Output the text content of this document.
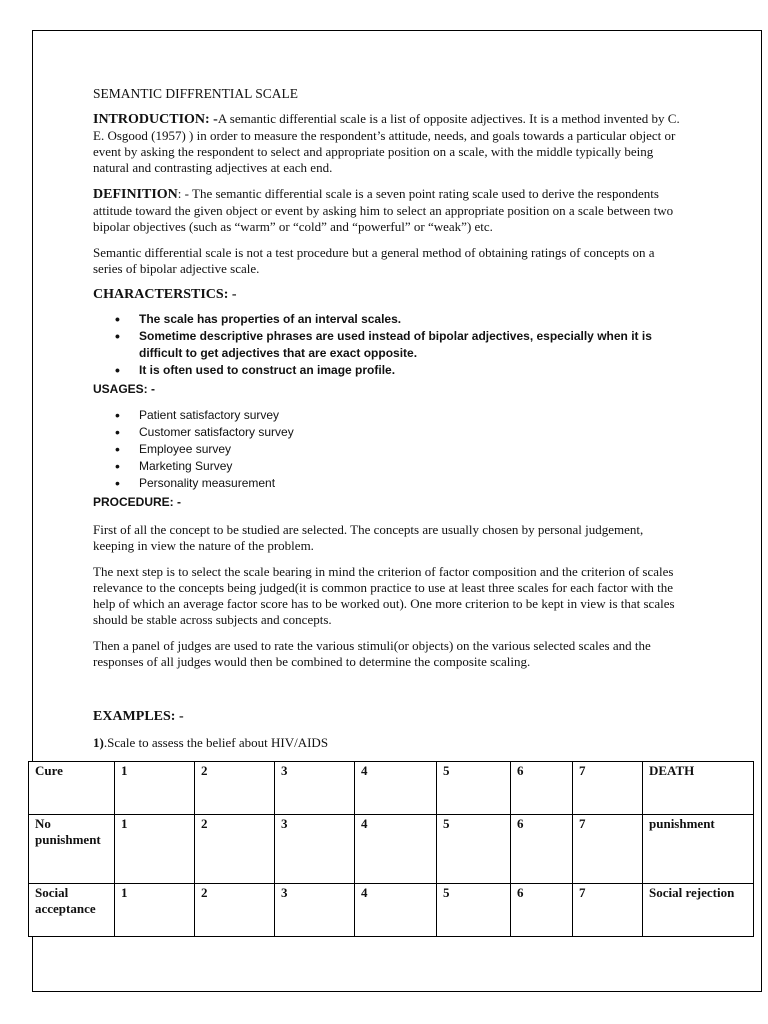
SEMANTIC DIFFRENTIAL SCALE

INTRODUCTION: -A semantic differential scale is a list of opposite adjectives. It is a method invented by C. E. Osgood (1957) ) in order to measure the respondent’s attitude, needs, and goals towards a particular object or event by asking the respondent to select and appropriate position on a scale, with the middle typically being natural and contrasting adjectives at each end.

DEFINITION: - The semantic differential scale is a seven point rating scale used to derive the respondents attitude toward the given object or event by asking him to select an appropriate position on a scale between two bipolar objectives (such as “warm” or “cold” and “powerful” or “weak”) etc.

Semantic differential scale is not a test procedure but a general method of obtaining ratings of concepts on a series of bipolar adjective scale.

CHARACTERSTICS: -
• The scale has properties of an interval scales.
• Sometime descriptive phrases are used instead of bipolar adjectives, especially when it is difficult to get adjectives that are exact opposite.
• It is often used to construct an image profile.
USAGES: -
• Patient satisfactory survey
• Customer satisfactory survey
• Employee survey
• Marketing Survey
• Personality measurement
PROCEDURE: -

First of all the concept to be studied are selected. The concepts are usually chosen by personal judgement, keeping in view the nature of the problem.

The next step is to select the scale bearing in mind the criterion of factor composition and the criterion of scales relevance to the concepts being judged(it is common practice to use at least three scales for each factor with the help of which an average factor score has to be worked out). One more criterion to be kept in view is that scales should be stable across subjects and concepts.

Then a panel of judges are used to rate the various stimuli(or objects) on the various selected scales and the responses of all judges would then be combined to determine the composite scaling.

EXAMPLES: -
1).Scale to assess the belief about HIV/AIDS
Cure	1	2	3	4	5	6	7	DEATH
No punishment	1	2	3	4	5	6	7	punishment
Social acceptance	1	2	3	4	5	6	7	Social rejection
